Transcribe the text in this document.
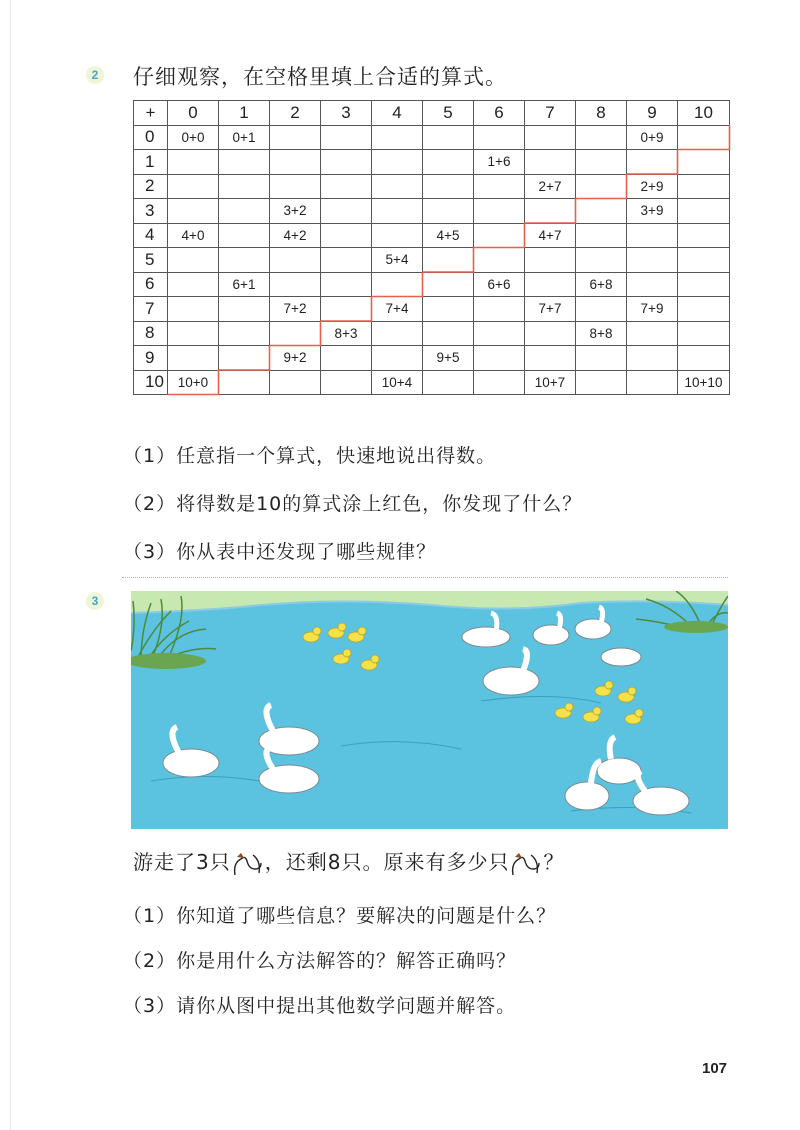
2 仔细观察，在空格里填上合适的算式。
+	0	1	2	3	4	5	6	7	8	9	10
0	0+0	0+1								0+9	
1							1+6				
2								2+7		2+9	
3			3+2							3+9	
4	4+0		4+2			4+5		4+7			
5					5+4						
6		6+1					6+6		6+8		
7			7+2		7+4			7+7		7+9	
8				8+3					8+8		
9			9+2			9+5					
10	10+0				10+4			10+7			10+10
（1）任意指一个算式，快速地说出得数。
（2）将得数是10的算式涂上红色，你发现了什么？
（3）你从表中还发现了哪些规律？
3
游走了3只 ，还剩8只。原来有多少只 ？
（1）你知道了哪些信息？要解决的问题是什么？
（2）你是用什么方法解答的？解答正确吗？
（3）请你从图中提出其他数学问题并解答。
107
